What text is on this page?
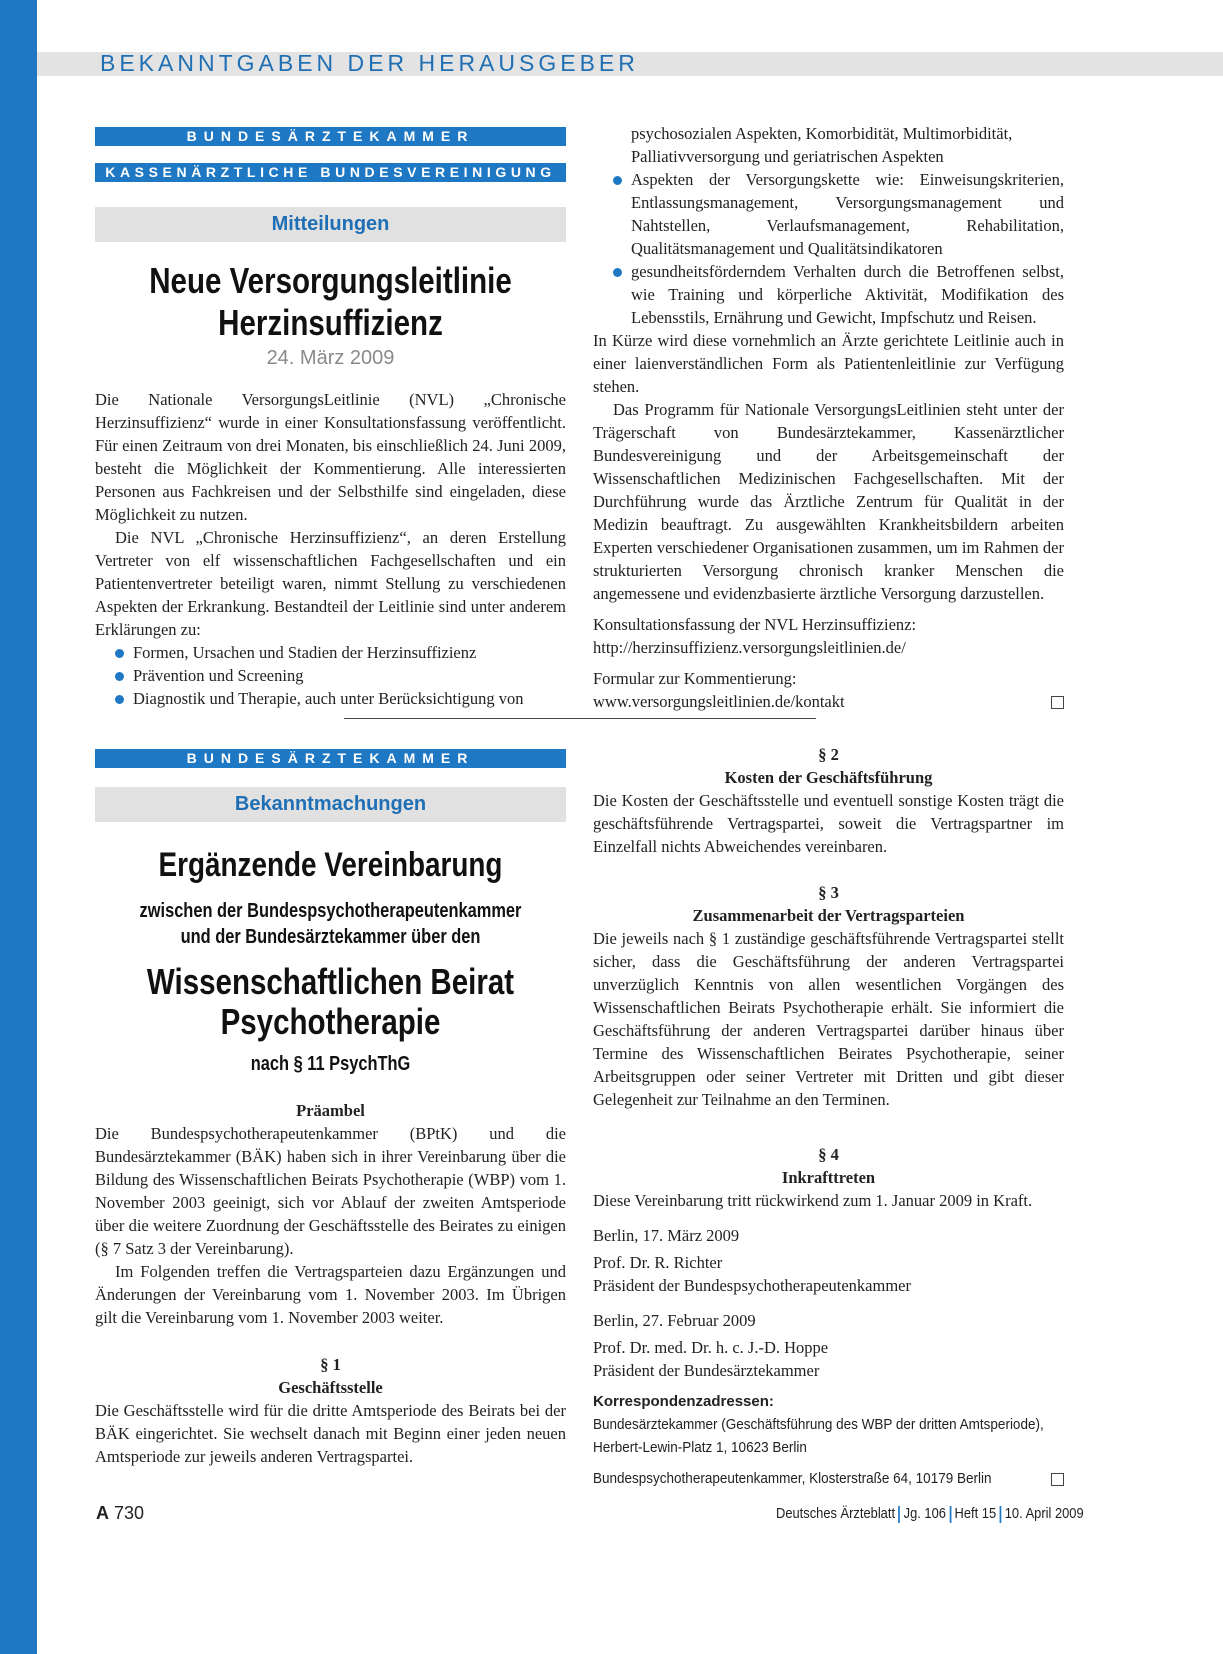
BEKANNTGABEN DER HERAUSGEBER
BUNDESÄRZTEKAMMER
KASSENÄRZTLICHE BUNDESVEREINIGUNG
Mitteilungen
Neue Versorgungsleitlinie
Herzinsuffizienz
24. März 2009

Die Nationale VersorgungsLeitlinie (NVL) „Chronische Herzinsuffizienz“ wurde in einer Konsultationsfassung veröffentlicht. Für einen Zeitraum von drei Monaten, bis einschließlich 24. Juni 2009, besteht die Möglichkeit der Kommentierung. Alle interessierten Personen aus Fachkreisen und der Selbsthilfe sind eingeladen, diese Möglichkeit zu nutzen.

Die NVL „Chronische Herzinsuffizienz“, an deren Erstellung Vertreter von elf wissenschaftlichen Fachgesellschaften und ein Patientenvertreter beteiligt waren, nimmt Stellung zu verschiedenen Aspekten der Erkrankung. Bestandteil der Leitlinie sind unter anderem Erklärungen zu:

Formen, Ursachen und Stadien der Herzinsuffizienz
Prävention und Screening
Diagnostik und Therapie, auch unter Berücksichtigung von
psychosozialen Aspekten, Komorbidität, Multimorbidität, Palliativversorgung und geriatrischen Aspekten
Aspekten der Versorgungskette wie: Einweisungskriterien, Entlassungsmanagement, Versorgungsmanagement und Nahtstellen, Verlaufsmanagement, Rehabilitation, Qualitätsmanagement und Qualitätsindikatoren
gesundheitsförderndem Verhalten durch die Betroffenen selbst, wie Training und körperliche Aktivität, Modifikation des Lebensstils, Ernährung und Gewicht, Impfschutz und Reisen.

In Kürze wird diese vornehmlich an Ärzte gerichtete Leitlinie auch in einer laienverständlichen Form als Patientenleitlinie zur Verfügung stehen.

Das Programm für Nationale VersorgungsLeitlinien steht unter der Trägerschaft von Bundesärztekammer, Kassenärztlicher Bundesvereinigung und der Arbeitsgemeinschaft der Wissenschaftlichen Medizinischen Fachgesellschaften. Mit der Durchführung wurde das Ärztliche Zentrum für Qualität in der Medizin beauftragt. Zu ausgewählten Krankheitsbildern arbeiten Experten verschiedener Organisationen zusammen, um im Rahmen der strukturierten Versorgung chronisch kranker Menschen die angemessene und evidenzbasierte ärztliche Versorgung darzustellen.

Konsultationsfassung der NVL Herzinsuffizienz:

http://herzinsuffizienz.versorgungsleitlinien.de/

Formular zur Kommentierung:

www.versorgungsleitlinien.de/kontakt

BUNDESÄRZTEKAMMER
Bekanntmachungen
Ergänzende Vereinbarung
zwischen der Bundespsychotherapeutenkammer
und der Bundesärztekammer über den
Wissenschaftlichen Beirat
Psychotherapie
nach § 11 PsychThG
Präambel

Die Bundespsychotherapeutenkammer (BPtK) und die Bundesärztekammer (BÄK) haben sich in ihrer Vereinbarung über die Bildung des Wissenschaftlichen Beirats Psychotherapie (WBP) vom 1. November 2003 geeinigt, sich vor Ablauf der zweiten Amtsperiode über die weitere Zuordnung der Geschäftsstelle des Beirates zu einigen (§ 7 Satz 3 der Vereinbarung).

Im Folgenden treffen die Vertragsparteien dazu Ergänzungen und Änderungen der Vereinbarung vom 1. November 2003. Im Übrigen gilt die Vereinbarung vom 1. November 2003 weiter.

§ 1
Geschäftsstelle

Die Geschäftsstelle wird für die dritte Amtsperiode des Beirats bei der BÄK eingerichtet. Sie wechselt danach mit Beginn einer jeden neuen Amtsperiode zur jeweils anderen Vertragspartei.

§ 2
Kosten der Geschäftsführung

Die Kosten der Geschäftsstelle und eventuell sonstige Kosten trägt die geschäftsführende Vertragspartei, soweit die Vertragspartner im Einzelfall nichts Abweichendes vereinbaren.

§ 3
Zusammenarbeit der Vertragsparteien

Die jeweils nach § 1 zuständige geschäftsführende Vertragspartei stellt sicher, dass die Geschäftsführung der anderen Vertragspartei unverzüglich Kenntnis von allen wesentlichen Vorgängen des Wissenschaftlichen Beirats Psychotherapie erhält. Sie informiert die Geschäftsführung der anderen Vertragspartei darüber hinaus über Termine des Wissenschaftlichen Beirates Psychotherapie, seiner Arbeitsgruppen oder seiner Vertreter mit Dritten und gibt dieser Gelegenheit zur Teilnahme an den Terminen.

§ 4
Inkrafttreten

Diese Vereinbarung tritt rückwirkend zum 1. Januar 2009 in Kraft.

Berlin, 17. März 2009

Prof. Dr. R. Richter

Präsident der Bundespsychotherapeutenkammer

Berlin, 27. Februar 2009

Prof. Dr. med. Dr. h. c. J.-D. Hoppe

Präsident der Bundesärztekammer

Korrespondenzadressen:
Bundesärztekammer (Geschäftsführung des WBP der dritten Amtsperiode),
Herbert-Lewin-Platz 1, 10623 Berlin
Bundespsychotherapeutenkammer, Klosterstraße 64, 10179 Berlin
A 730	Deutsches Ärzteblatt Jg. 106 Heft 15 10. April 2009
